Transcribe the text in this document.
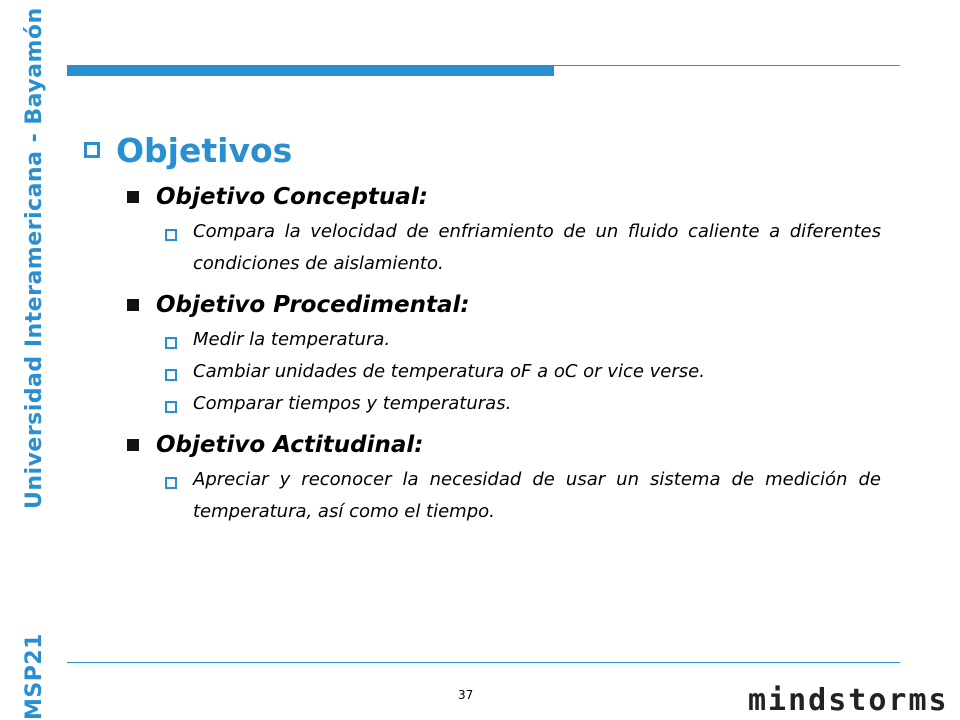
MSP21
Universidad Interamericana - Bayamón Objetivos
Objetivo Conceptual:
Compara la velocidad de enfriamiento de un fluido caliente a diferentes condiciones de aislamiento.
Objetivo Procedimental:
Medir la temperatura.
Cambiar unidades de temperatura oF a oC or vice verse.
Comparar tiempos y temperaturas.
Objetivo Actitudinal:
Apreciar y reconocer la necesidad de usar un sistema de medición de temperatura, así como el tiempo.
37	mindstorms
